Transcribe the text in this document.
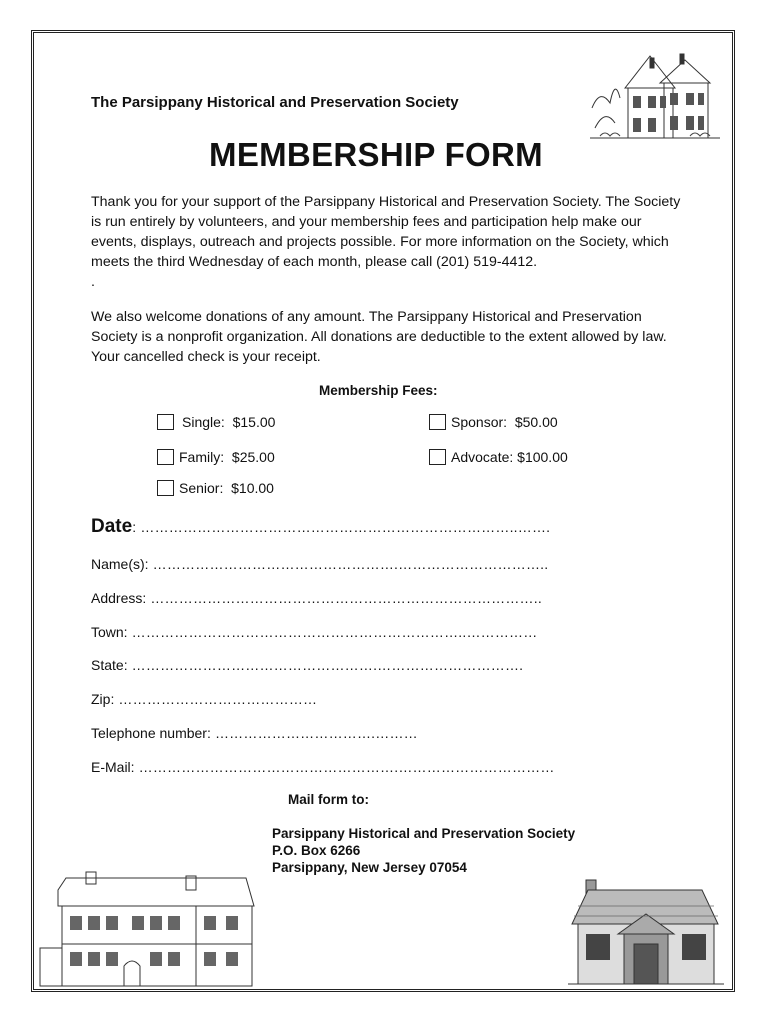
The Parsippany Historical and Preservation Society
MEMBERSHIP FORM
Thank you for your support of the Parsippany Historical and Preservation Society. The Society is run entirely by volunteers, and your membership fees and participation help make our events, displays, outreach and projects possible. For more information on the Society, which meets the third Wednesday of each month, please call (201) 519-4412.
.
We also welcome donations of any amount. The Parsippany Historical and Preservation Society is a nonprofit organization. All donations are deductible to the extent allowed by law. Your cancelled check is your receipt.
Membership Fees:
Single:
$15.00
Family:
$25.00
Senior:
$10.00
Sponsor:
$50.00
Advocate:
$100.00
Date: ……………………………………………………………………..…….
Name(s): …………………………………………….…………………………..
Address: ………………………………………………………………………..
Town: ……………………………………………………………..……………
State: …………………………………………….………………………….
Zip: ……………………………………
Telephone number: …………………………….………
E-Mail: ……………………………………………….……………………………
Mail form to:
Parsippany Historical and Preservation Society
P.O. Box 6266
Parsippany, New Jersey 07054
